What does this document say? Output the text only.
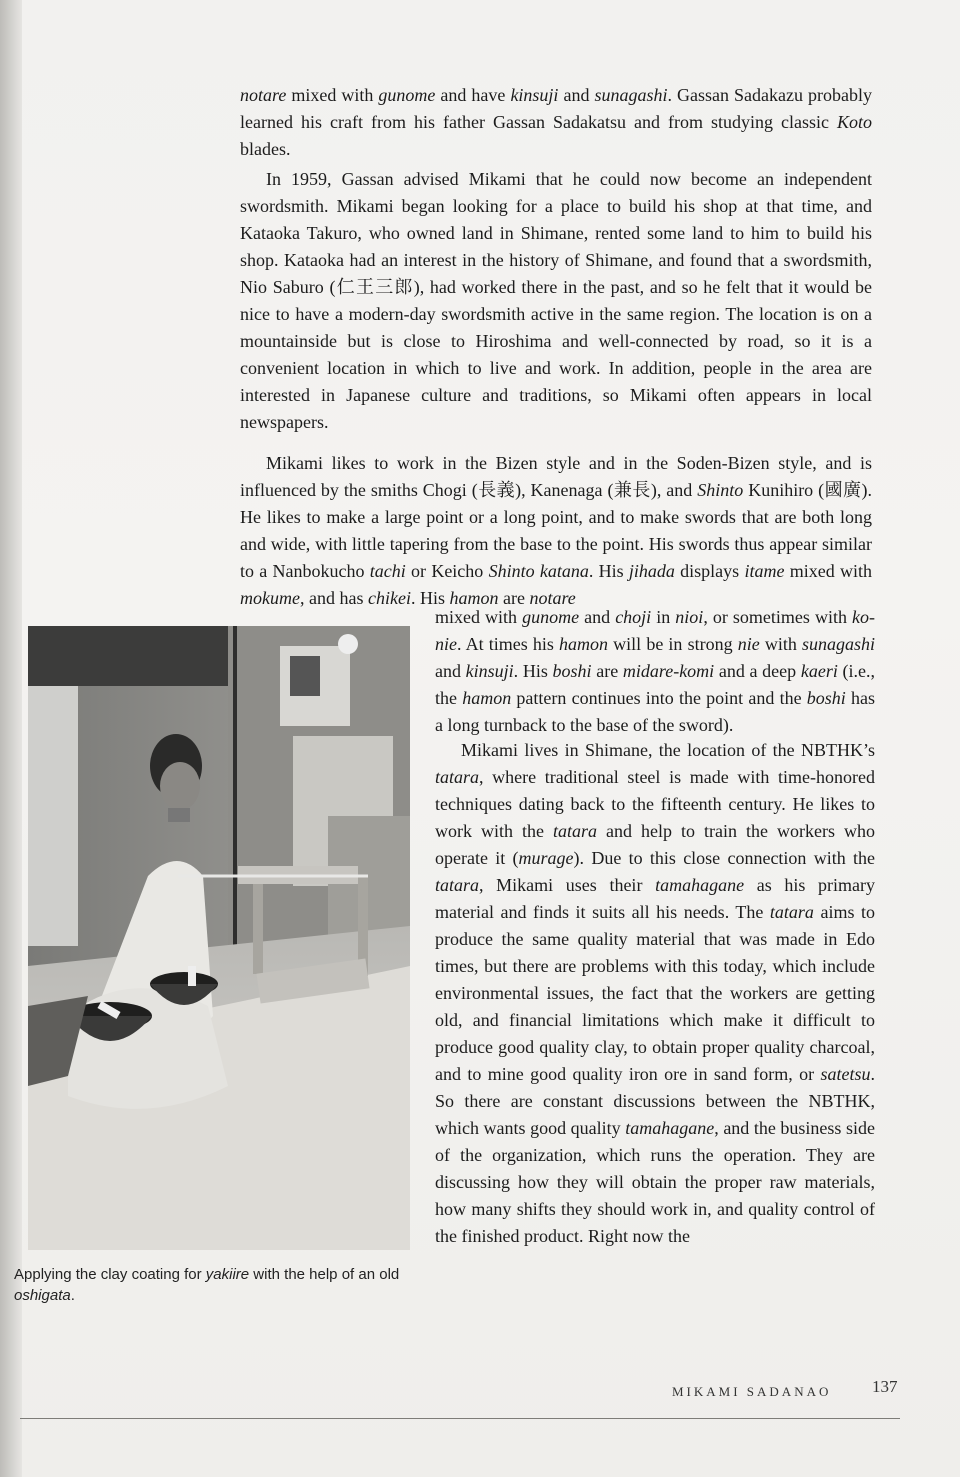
notare mixed with gunome and have kinsuji and sunagashi. Gassan Sadakazu probably learned his craft from his father Gassan Sadakatsu and from studying classic Koto blades.

In 1959, Gassan advised Mikami that he could now become an independent swordsmith. Mikami began looking for a place to build his shop at that time, and Kataoka Takuro, who owned land in Shimane, rented some land to him to build his shop. Kataoka had an interest in the history of Shimane, and found that a swordsmith, Nio Saburo (仁王三郎), had worked there in the past, and so he felt that it would be nice to have a modern-day swordsmith active in the same region. The location is on a mountainside but is close to Hiroshima and well-connected by road, so it is a convenient location in which to live and work. In addition, people in the area are interested in Japanese culture and traditions, so Mikami often appears in local newspapers.

Mikami likes to work in the Bizen style and in the Soden-Bizen style, and is influenced by the smiths Chogi (長義), Kanenaga (兼長), and Shinto Kunihiro (國廣). He likes to make a large point or a long point, and to make swords that are both long and wide, with little tapering from the base to the point. His swords thus appear similar to a Nanbokucho tachi or Keicho Shinto katana. His jihada displays itame mixed with mokume, and has chikei. His hamon are notare

mixed with gunome and choji in nioi, or sometimes with ko-nie. At times his hamon will be in strong nie with sunagashi and kinsuji. His boshi are midare-komi and a deep kaeri (i.e., the hamon pattern continues into the point and the boshi has a long turnback to the base of the sword).

Mikami lives in Shimane, the location of the NBTHK’s tatara, where traditional steel is made with time-honored techniques dating back to the fifteenth century. He likes to work with the tatara and help to train the workers who operate it (murage). Due to this close connection with the tatara, Mikami uses their tamahagane as his primary material and finds it suits all his needs. The tatara aims to produce the same quality material that was made in Edo times, but there are problems with this today, which include environmental issues, the fact that the workers are getting old, and financial limitations which make it difficult to produce good quality clay, to obtain proper quality charcoal, and to mine good quality iron ore in sand form, or satetsu. So there are constant discussions between the NBTHK, which wants good quality tamahagane, and the business side of the organization, which runs the operation. They are discussing how they will obtain the proper raw materials, how many shifts they should work in, and quality control of the finished product. Right now the

Applying the clay coating for yakiire with the help of an old oshigata.
MIKAMI SADANAO 137
